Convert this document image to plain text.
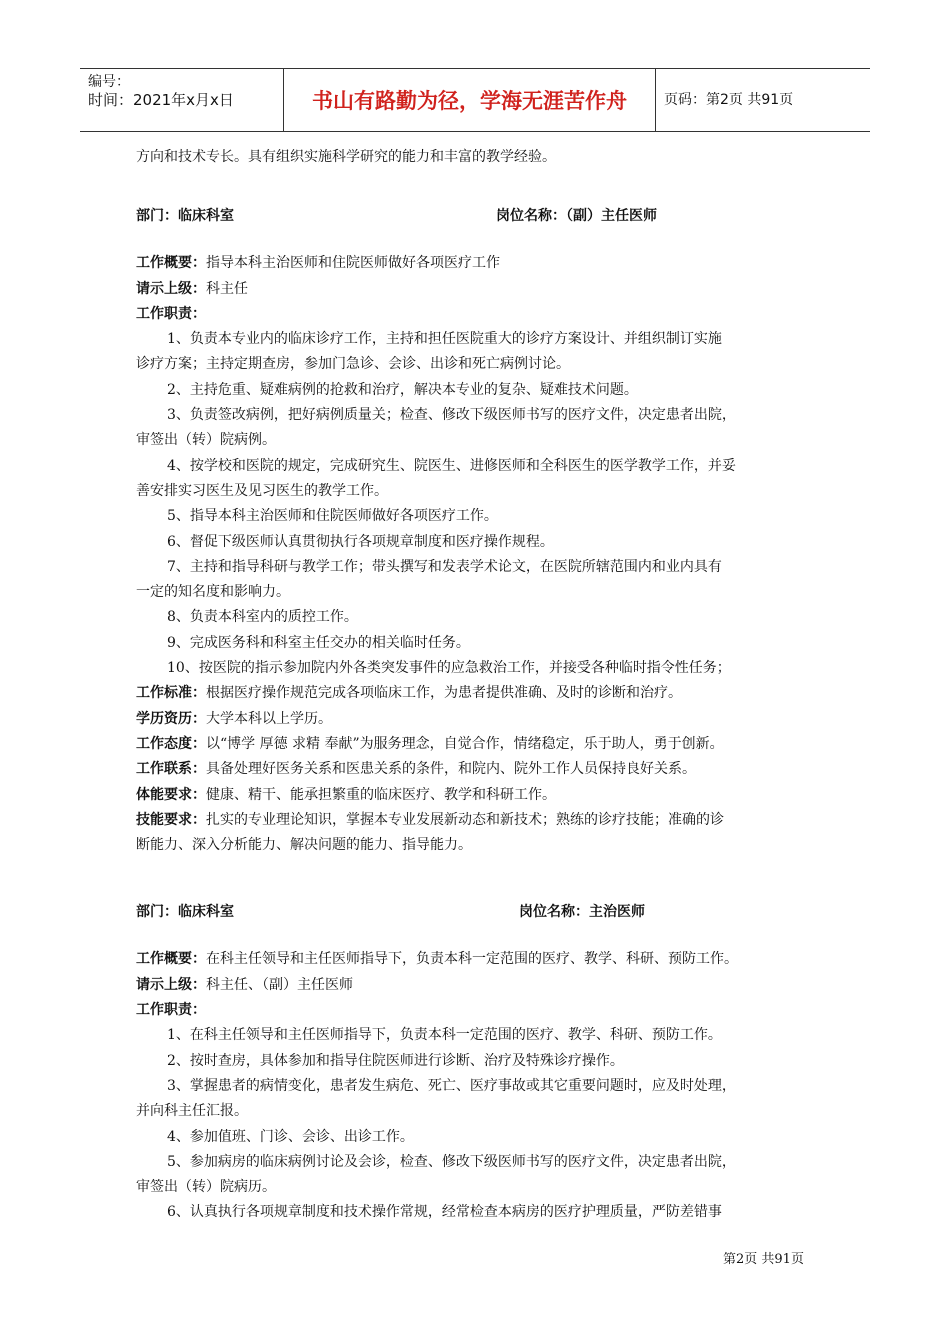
编号：
时间：2021年x月x日	书山有路勤为径，学海无涯苦作舟	页码：第2页 共91页
方向和技术专长。具有组织实施科学研究的能力和丰富的教学经验。
部门：临床科室	岗位名称：（副）主任医师
工作概要：指导本科主治医师和住院医师做好各项医疗工作
请示上级：科主任
工作职责：
1、负责本专业内的临床诊疗工作，主持和担任医院重大的诊疗方案设计、并组织制订实施
诊疗方案；主持定期查房，参加门急诊、会诊、出诊和死亡病例讨论。
2、主持危重、疑难病例的抢救和治疗，解决本专业的复杂、疑难技术问题。
3、负责签改病例，把好病例质量关；检查、修改下级医师书写的医疗文件，决定患者出院，
审签出（转）院病例。
4、按学校和医院的规定，完成研究生、院医生、进修医师和全科医生的医学教学工作，并妥
善安排实习医生及见习医生的教学工作。
5、指导本科主治医师和住院医师做好各项医疗工作。
6、督促下级医师认真贯彻执行各项规章制度和医疗操作规程。
7、主持和指导科研与教学工作；带头撰写和发表学术论文，在医院所辖范围内和业内具有
一定的知名度和影响力。
8、负责本科室内的质控工作。
9、完成医务科和科室主任交办的相关临时任务。
10、按医院的指示参加院内外各类突发事件的应急救治工作，并接受各种临时指令性任务；
工作标准：根据医疗操作规范完成各项临床工作，为患者提供准确、及时的诊断和治疗。
学历资历：大学本科以上学历。
工作态度：以“博学 厚德 求精 奉献”为服务理念，自觉合作，情绪稳定，乐于助人，勇于创新。
工作联系：具备处理好医务关系和医患关系的条件，和院内、院外工作人员保持良好关系。
体能要求：健康、精干、能承担繁重的临床医疗、教学和科研工作。
技能要求：扎实的专业理论知识，掌握本专业发展新动态和新技术；熟练的诊疗技能；准确的诊
断能力、深入分析能力、解决问题的能力、指导能力。
部门：临床科室	岗位名称：主治医师
工作概要：在科主任领导和主任医师指导下，负责本科一定范围的医疗、教学、科研、预防工作。
请示上级：科主任、（副）主任医师
工作职责：
1、在科主任领导和主任医师指导下，负责本科一定范围的医疗、教学、科研、预防工作。
2、按时查房，具体参加和指导住院医师进行诊断、治疗及特殊诊疗操作。
3、掌握患者的病情变化，患者发生病危、死亡、医疗事故或其它重要问题时，应及时处理，
并向科主任汇报。
4、参加值班、门诊、会诊、出诊工作。
5、参加病房的临床病例讨论及会诊，检查、修改下级医师书写的医疗文件，决定患者出院，
审签出（转）院病历。
6、认真执行各项规章制度和技术操作常规，经常检查本病房的医疗护理质量，严防差错事
第2页 共91页
